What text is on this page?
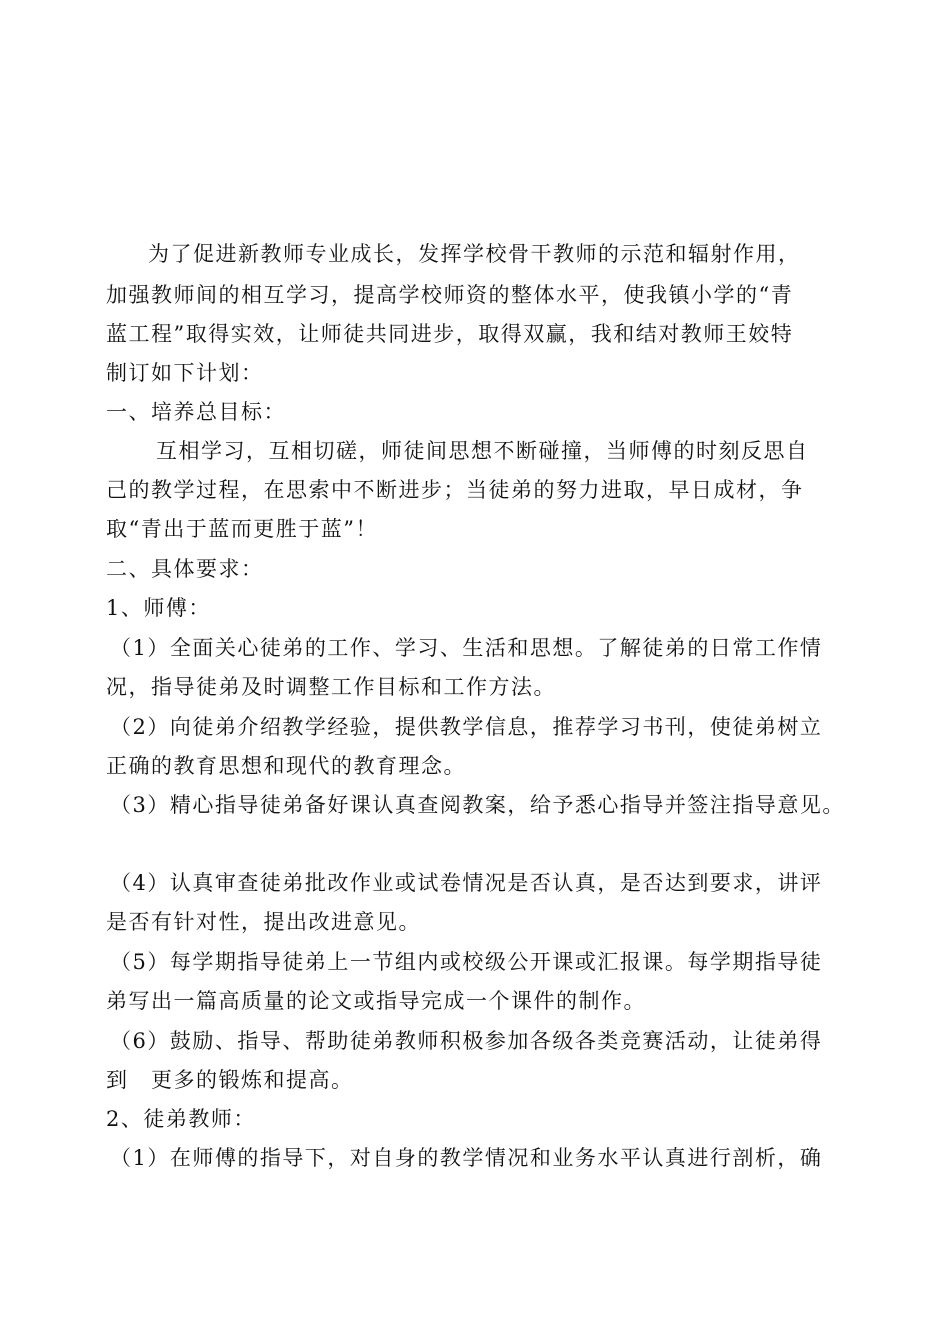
为了促进新教师专业成长，发挥学校骨干教师的示范和辐射作用，
加强教师间的相互学习，提高学校师资的整体水平，使我镇小学的“青
蓝工程”取得实效，让师徒共同进步，取得双赢，我和结对教师王姣特
制订如下计划：
一、培养总目标：
互相学习，互相切磋，师徒间思想不断碰撞，当师傅的时刻反思自
己的教学过程，在思索中不断进步；当徒弟的努力进取，早日成材，争
取“青出于蓝而更胜于蓝”！
二、具体要求：
1、师傅：
（1）全面关心徒弟的工作、学习、生活和思想。了解徒弟的日常工作情
况，指导徒弟及时调整工作目标和工作方法。
（2）向徒弟介绍教学经验，提供教学信息，推荐学习书刊，使徒弟树立
正确的教育思想和现代的教育理念。
（3）精心指导徒弟备好课认真查阅教案，给予悉心指导并签注指导意见。
（4）认真审查徒弟批改作业或试卷情况是否认真，是否达到要求，讲评
是否有针对性，提出改进意见。
（5）每学期指导徒弟上一节组内或校级公开课或汇报课。每学期指导徒
弟写出一篇高质量的论文或指导完成一个课件的制作。
（6）鼓励、指导、帮助徒弟教师积极参加各级各类竞赛活动，让徒弟得
到　更多的锻炼和提高。
2、徒弟教师：
（1）在师傅的指导下，对自身的教学情况和业务水平认真进行剖析，确
